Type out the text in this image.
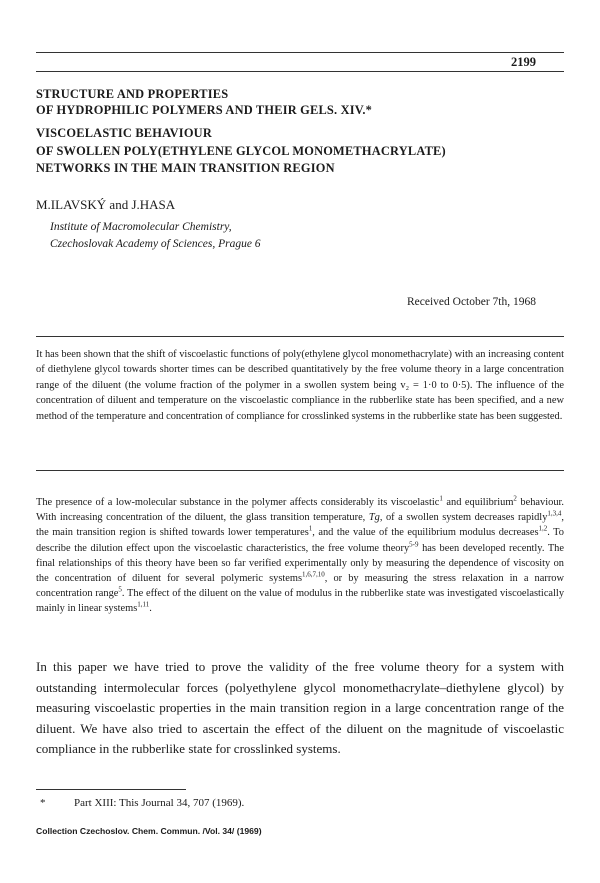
2199
STRUCTURE AND PROPERTIES
OF HYDROPHILIC POLYMERS AND THEIR GELS. XIV.*
VISCOELASTIC BEHAVIOUR
OF SWOLLEN POLY(ETHYLENE GLYCOL MONOMETHACRYLATE)
NETWORKS IN THE MAIN TRANSITION REGION
M.ILAVSKÝ and J.HASA
Institute of Macromolecular Chemistry,
Czechoslovak Academy of Sciences, Prague 6
Received October 7th, 1968
It has been shown that the shift of viscoelastic functions of poly(ethylene glycol monomethacrylate) with an increasing content of diethylene glycol towards shorter times can be described quantitatively by the free volume theory in a large concentration range of the diluent (the volume fraction of the polymer in a swollen system being v₂ = 1·0 to 0·5). The influence of the concentration of diluent and temperature on the viscoelastic compliance in the rubberlike state has been specified, and a new method of the temperature and concentration of compliance for crosslinked systems in the rubberlike state has been suggested.
The presence of a low-molecular substance in the polymer affects considerably its viscoelastic$^1$ and equilibrium$^2$ behaviour. With increasing concentration of the diluent, the glass transition temperature, Tg, of a swollen system decreases rapidly$^{1,3,4}$, the main transition region is shifted towards lower temperatures$^1$, and the value of the equilibrium modulus decreases$^{1,2}$. To describe the dilution effect upon the viscoelastic characteristics, the free volume theory$^{5-9}$ has been developed recently. The final relationships of this theory have been so far verified experimentally only by measuring the dependence of viscosity on the concentration of diluent for several polymeric systems$^{1,6,7,10}$, or by measuring the stress relaxation in a narrow concentration range$^5$. The effect of the diluent on the value of modulus in the rubberlike state was investigated viscoelastically mainly in linear systems$^{1,11}$.
In this paper we have tried to prove the validity of the free volume theory for a system with outstanding intermolecular forces (polyethylene glycol monomethacrylate–diethylene glycol) by measuring viscoelastic properties in the main transition region in a large concentration range of the diluent. We have also tried to ascertain the effect of the diluent on the magnitude of viscoelastic compliance in the rubberlike state for crosslinked systems.
*	Part XIII: This Journal 34, 707 (1969).
Collection Czechoslov. Chem. Commun. /Vol. 34/ (1969)
